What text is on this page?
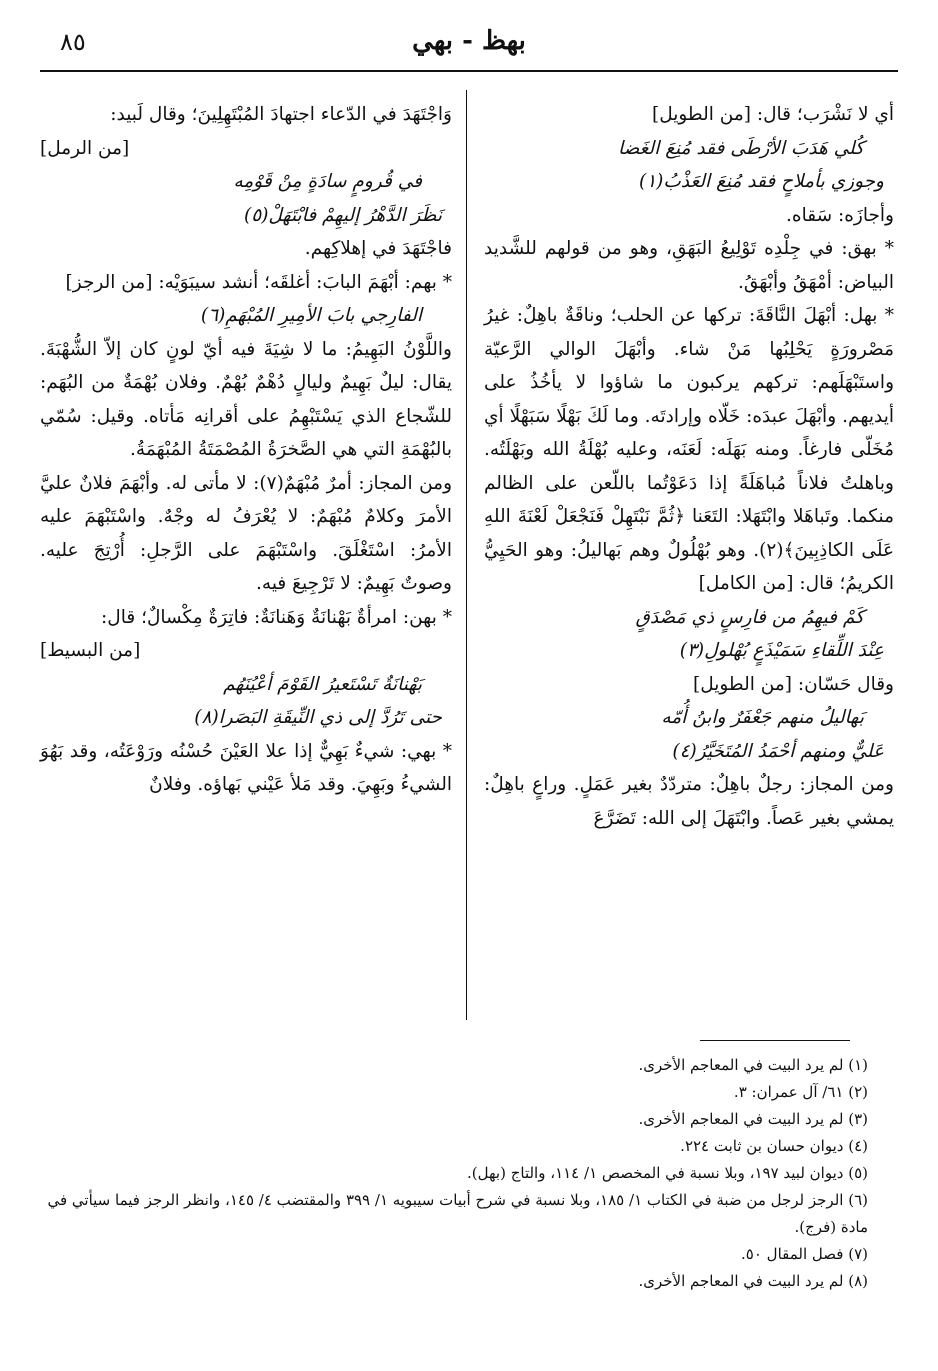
٨٥	بهظ - بهي

أي لا نَشْرَب؛ قال: [من الطويل]

كُلي هَدَبَ الأرْطَى فقد مُنِعَ الغَضا
وجوزي بأملاحٍ فقد مُنِعَ العَذْبُ(١)

وأجازَه: سَقاه.

* بهق: في جِلْدِه تَوْلِيعُ البَهَقِ، وهو من قولهم للشَّديد البياض: أمْهَقُ وأبْهَقُ.

* بهل: أبْهَلَ النَّاقَةَ: تركها عن الحلب؛ وناقَةٌ باهِلٌ: غيرُ مَصْرورَةٍ يَحْلِبُها مَنْ شاء. وأبْهَلَ الوالي الرَّعيّة واستَبْهَلَهم: تركهم يركبون ما شاؤوا لا يأخُذُ على أيديهم. وأبْهَلَ عبدَه: خَلّاه وإرادتَه. وما لَكَ بَهْلًا سَبَهْلًا أي مُخَلّى فارغاً. ومنه بَهَلَه: لَعَنَه، وعليه بُهْلَةُ الله وبَهْلَتُه. وباهلتُ فلاناً مُباهَلَةً إذا دَعَوْتُما باللّعن على الظالم منكما. وتَباهَلا وابْتَهَلا: التَعَنا ﴿ثُمَّ نَبْتَهِلْ فَنَجْعَلْ لَعْنَةَ اللهِ عَلَى الكاذِبِينَ﴾(٢). وهو بُهْلُولٌ وهم بَهاليلُ: وهو الحَيِيُّ الكريمُ؛ قال: [من الكامل]

كَمْ فيهِمُ من فارِسٍ ذي مَصْدَقٍ
عِنْدَ اللِّقاءِ سَمَيْذَعٍ بُهْلولِ(٣)

وقال حَسّان: [من الطويل]

بَهاليلُ منهم جَعْفَرٌ وابنُ أُمّه
عَليٌّ ومنهم أحْمَدُ المُتَخَيَّرُ(٤)

ومن المجاز: رجلٌ باهِلٌ: متردّدٌ بغير عَمَلٍ. وراعٍ باهِلٌ: يمشي بغير عَصاً. وابْتَهَلَ إلى الله: تَضَرَّعَ

وَاجْتَهَدَ في الدّعاء اجتهادَ المُبْتَهِلِينَ؛ وقال لَبيد:

[من الرمل]
في قُرومٍ سادَةٍ مِنْ قَوْمِه
نَظَرَ الدَّهْرُ إليهِمْ فابْتَهَلْ(٥)

فاجْتَهَدَ في إهلاكِهم.

* بهم: أبْهَمَ البابَ: أغلقَه؛ أنشد سيبَوَيْه: [من الرجز]

الفارِجي بابَ الأمِيرِ المُبْهَمِ(٦)

واللَّوْنُ البَهِيمُ: ما لا شِيَةَ فيه أيّ لونٍ كان إلاّ الشُّهْبَةَ. يقال: ليلٌ بَهِيمٌ وليالٍ دُهْمٌ بُهْمٌ. وفلان بُهْمَةٌ من البُهَم: للشّجاع الذي يَسْتَبْهِمُ على أقرانِه مَأتاه. وقيل: سُمّي بالبُهْمَةِ التي هي الصَّخرَةُ المُصْمَتَةُ المُبْهَمَةُ.

ومن المجاز: أمرٌ مُبْهَمٌ(٧): لا مأتى له. وأبْهَمَ فلانٌ عليَّ الأمرَ وكلامٌ مُبْهَمٌ: لا يُعْرَفُ له وجْهٌ. واسْتَبْهَمَ عليه الأمرُ: اسْتَغْلَقَ. واسْتَبْهَمَ على الرَّجلِ: أُرْتِجَ عليه. وصوتٌ بَهِيمٌ: لا تَرْجِيعَ فيه.

* بهن: امرأةٌ بَهْنانَةٌ وَهَنانَةٌ: فاتِرَةٌ مِكْسالٌ؛ قال:

[من البسيط]
بَهْنانَةٌ تَسْتَعيرُ القَوْمَ أعْيُنَهُم
حتى تَرُدَّ إلى ذي النِّيقَةِ البَصَرا(٨)

* بهي: شيءٌ بَهِيٌّ إذا علا العَيْنَ حُسْنُه ورَوْعَتُه، وقد بَهُوَ الشيءُ وبَهِيَ. وقد مَلأ عَيْني بَهاؤه. وفلانٌ

(١) لم يرد البيت في المعاجم الأخرى.
(٢) ٦١/ آل عمران: ٣.
(٣) لم يرد البيت في المعاجم الأخرى.
(٤) ديوان حسان بن ثابت ٢٢٤.
(٥) ديوان لبيد ١٩٧، وبلا نسبة في المخصص ١/ ١١٤، والتاج (بهل).
(٦) الرجز لرجل من ضبة في الكتاب ١/ ١٨٥، وبلا نسبة في شرح أبيات سيبويه ١/ ٣٩٩ والمقتضب ٤/ ١٤٥، وانظر الرجز فيما سيأتي في مادة (فرج).
(٧) فصل المقال ٥٠.
(٨) لم يرد البيت في المعاجم الأخرى.
